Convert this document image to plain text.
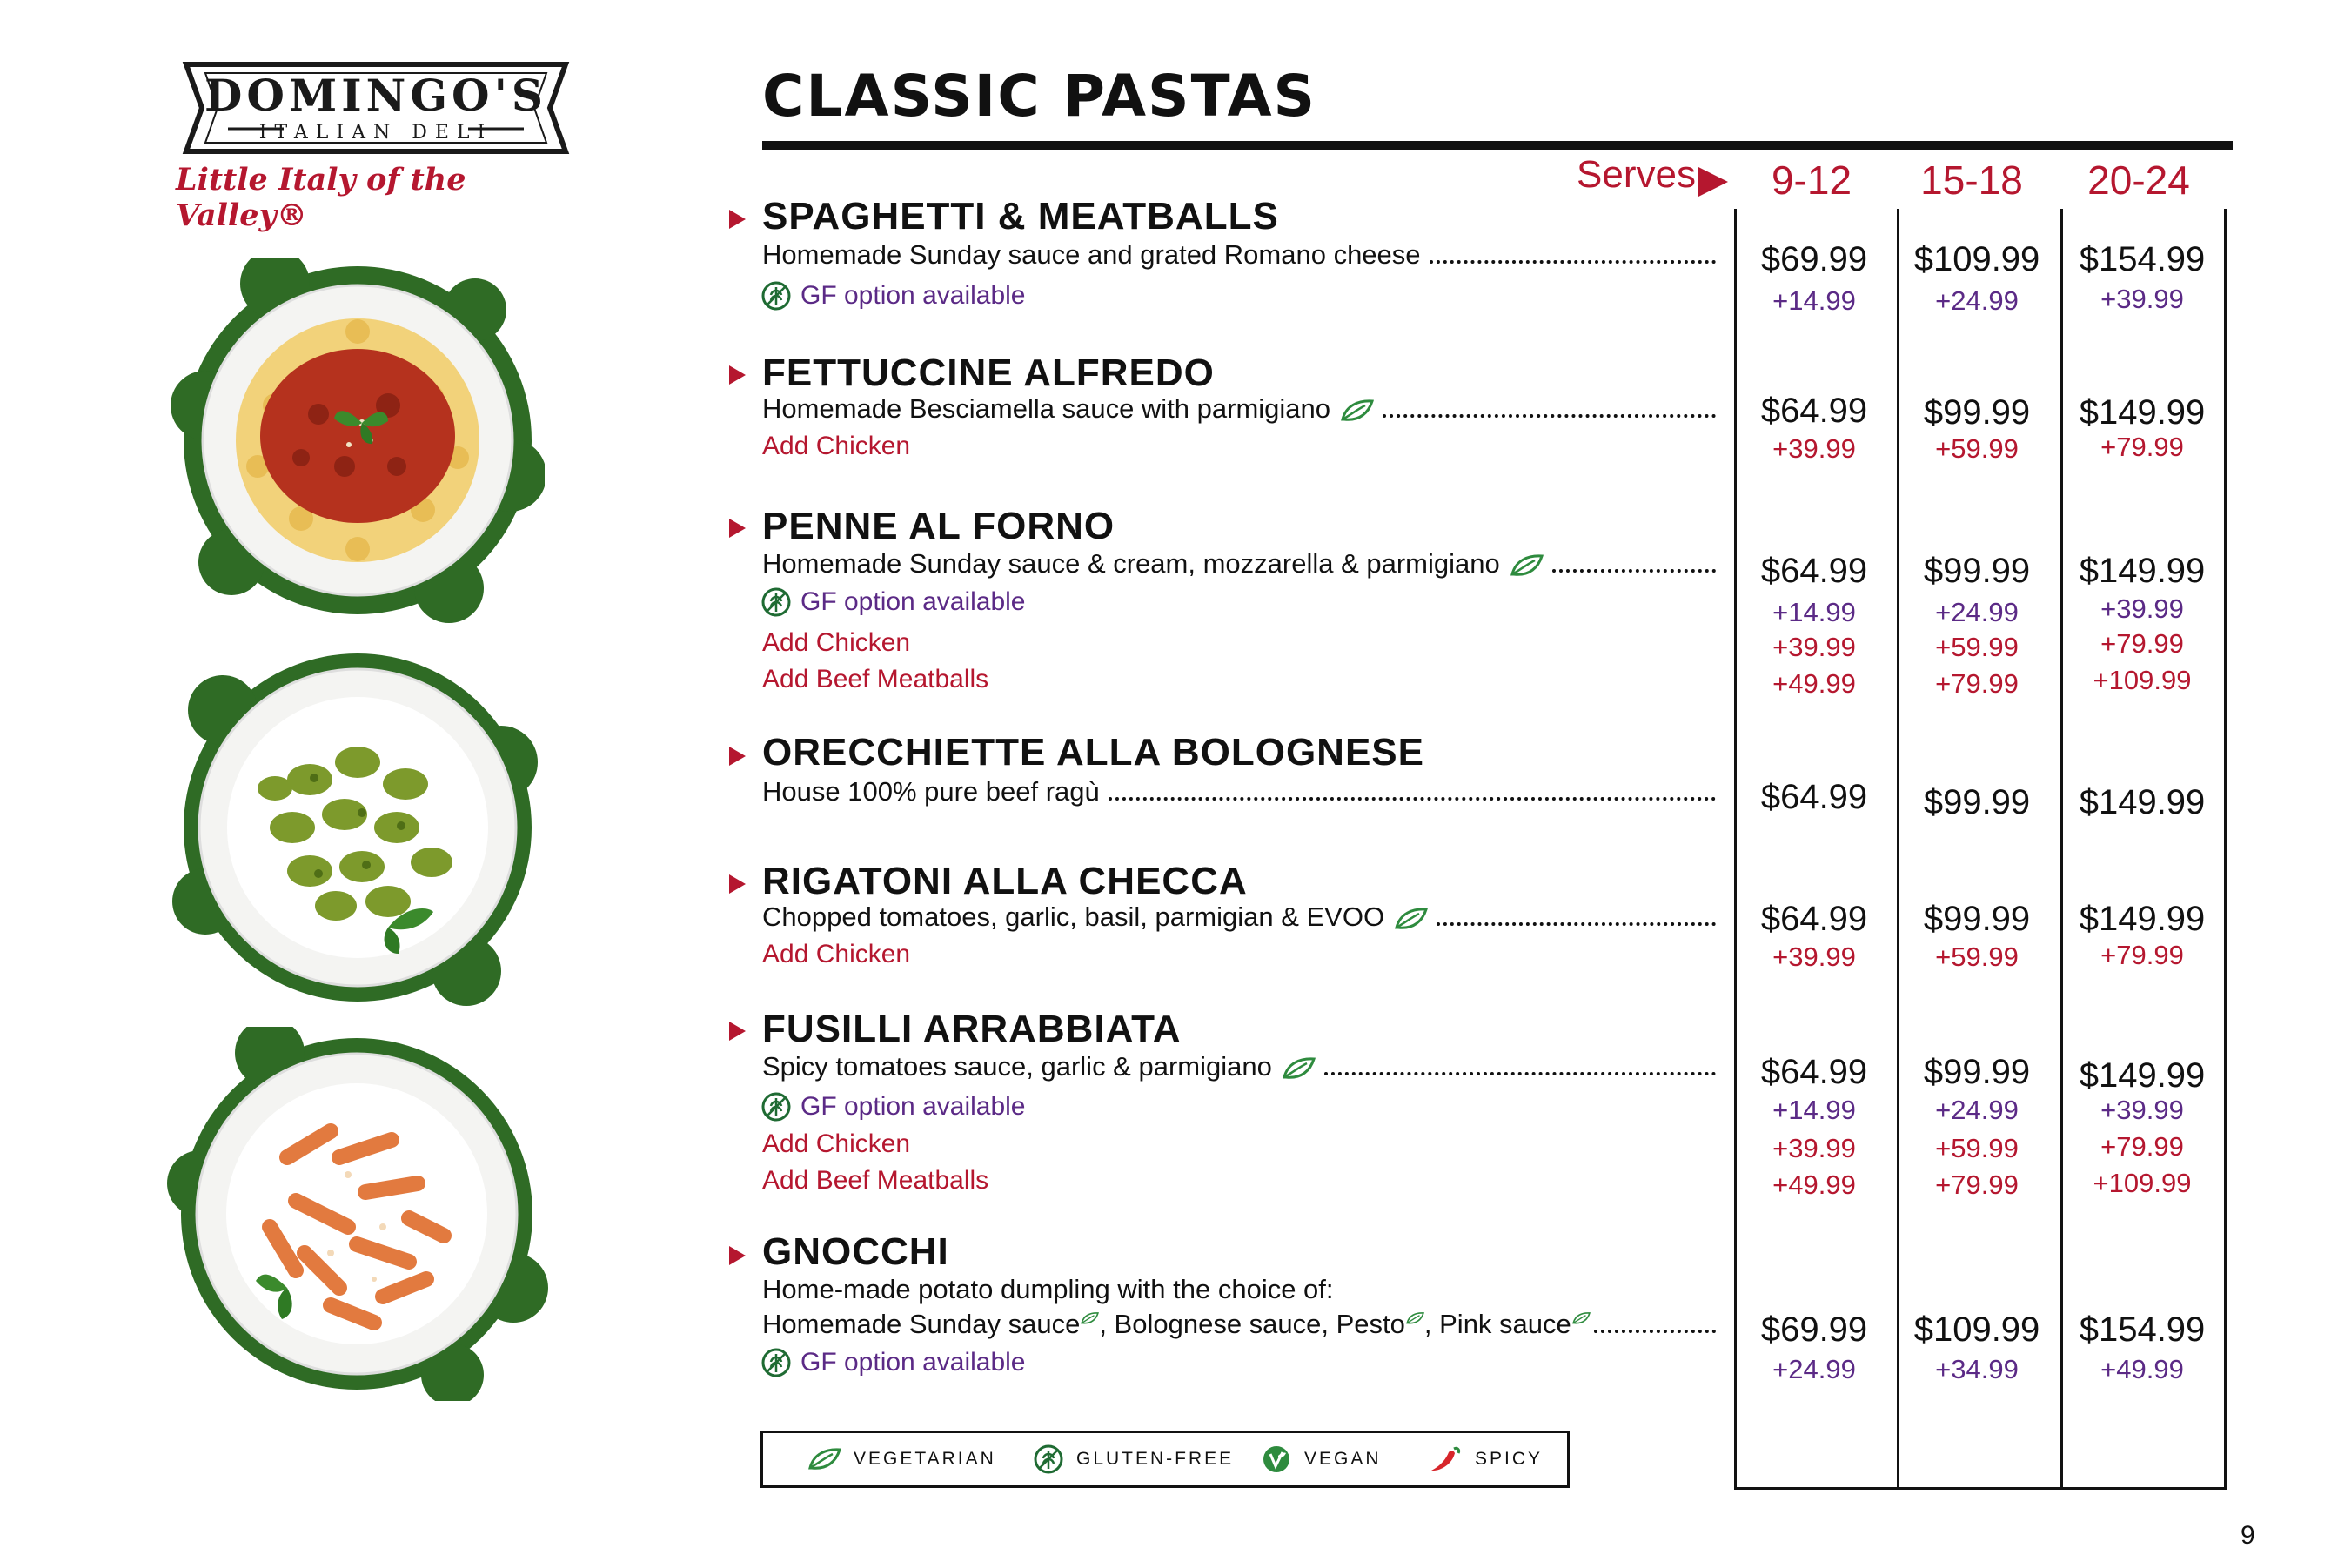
DOMINGO'S
ITALIAN DELI
Little Italy of the Valley®
CLASSIC PASTAS
Serves	9-12	15-18	20-24
SPAGHETTI & MEATBALLS
Homemade Sunday sauce and grated Romano cheese
GF option available
$69.99	$109.99	$154.99
+14.99	+24.99	+39.99
FETTUCCINE ALFREDO
Homemade Besciamella sauce with parmigiano
Add Chicken
$64.99	$99.99	$149.99
+39.99	+59.99	+79.99
PENNE AL FORNO
Homemade Sunday sauce & cream, mozzarella & parmigiano
GF option available
Add Chicken
Add Beef Meatballs
$64.99	$99.99	$149.99
+14.99	+24.99	+39.99
+39.99	+59.99	+79.99
+49.99	+79.99	+109.99
ORECCHIETTE ALLA BOLOGNESE
House 100% pure beef ragù	$64.99	$99.99	$149.99
RIGATONI ALLA CHECCA
Chopped tomatoes, garlic, basil, parmigian & EVOO
Add Chicken
$64.99	$99.99	$149.99
+39.99	+59.99	+79.99
FUSILLI ARRABBIATA
Spicy tomatoes sauce, garlic & parmigiano
GF option available
Add Chicken
Add Beef Meatballs
$64.99	$99.99	$149.99
+14.99	+24.99	+39.99
+39.99	+59.99	+79.99
+49.99	+79.99	+109.99
GNOCCHI
Home-made potato dumpling with the choice of:
Homemade Sunday sauce , Bolognese sauce, Pesto , Pink sauce
GF option available
$69.99	$109.99	$154.99
+24.99	+34.99	+49.99
VEGETARIAN	GLUTEN-FREE	VEGAN	SPICY
9
